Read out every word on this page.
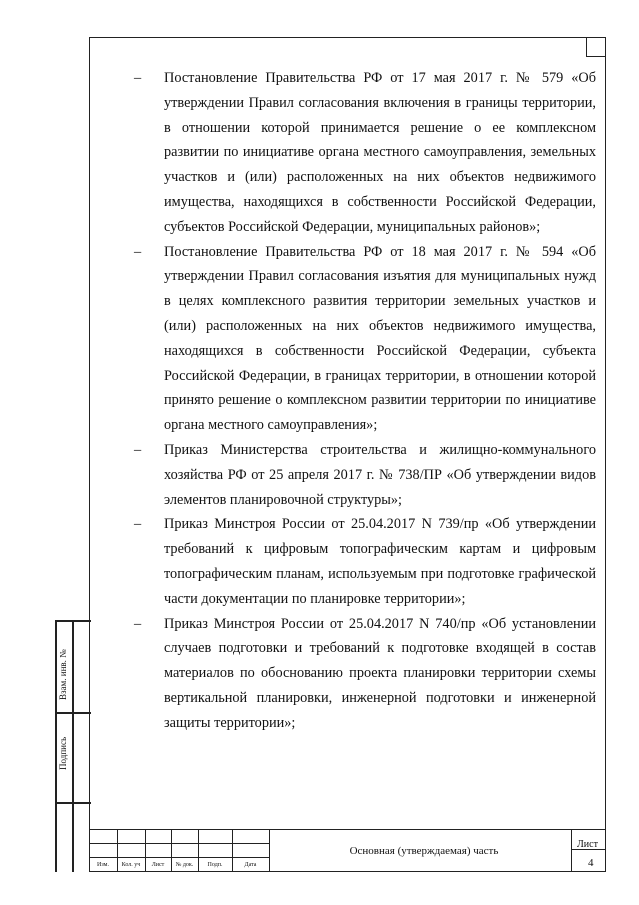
Взам. инв. №
Подпись
– Постановление Правительства РФ от 17 мая 2017 г. № 579 «Об утверждении Правил согласования включения в границы территории, в отношении которой принимается решение о ее комплексном развитии по инициативе органа местного самоуправления, земельных участков и (или) расположенных на них объектов недвижимого имущества, находящихся в собственности Российской Федерации, субъектов Российской Федерации, муниципальных районов»;
– Постановление Правительства РФ от 18 мая 2017 г. № 594 «Об утверждении Правил согласования изъятия для муниципальных нужд в целях комплексного развития территории земельных участков и (или) расположенных на них объектов недвижимого имущества, находящихся в собственности Российской Федерации, субъекта Российской Федерации, в границах территории, в отношении которой принято решение о комплексном развитии территории по инициативе органа местного самоуправления»;
– Приказ Министерства строительства и жилищно-коммунального хозяйства РФ от 25 апреля 2017 г. № 738/ПР «Об утверждении видов элементов планировочной структуры»;
– Приказ Минстроя России от 25.04.2017 N 739/пр «Об утверждении требований к цифровым топографическим картам и цифровым топографическим планам, используемым при подготовке графической части документации по планировке территории»;
– Приказ Минстроя России от 25.04.2017 N 740/пр «Об установлении случаев подготовки и требований к подготовке входящей в состав материалов по обоснованию проекта планировки территории схемы вертикальной планировки, инженерной подготовки и инженерной защиты территории»;
Изм.	Кол. уч	Лист	№ док.	Подп.	Дата
Основная (утверждаемая) часть
Лист
4
